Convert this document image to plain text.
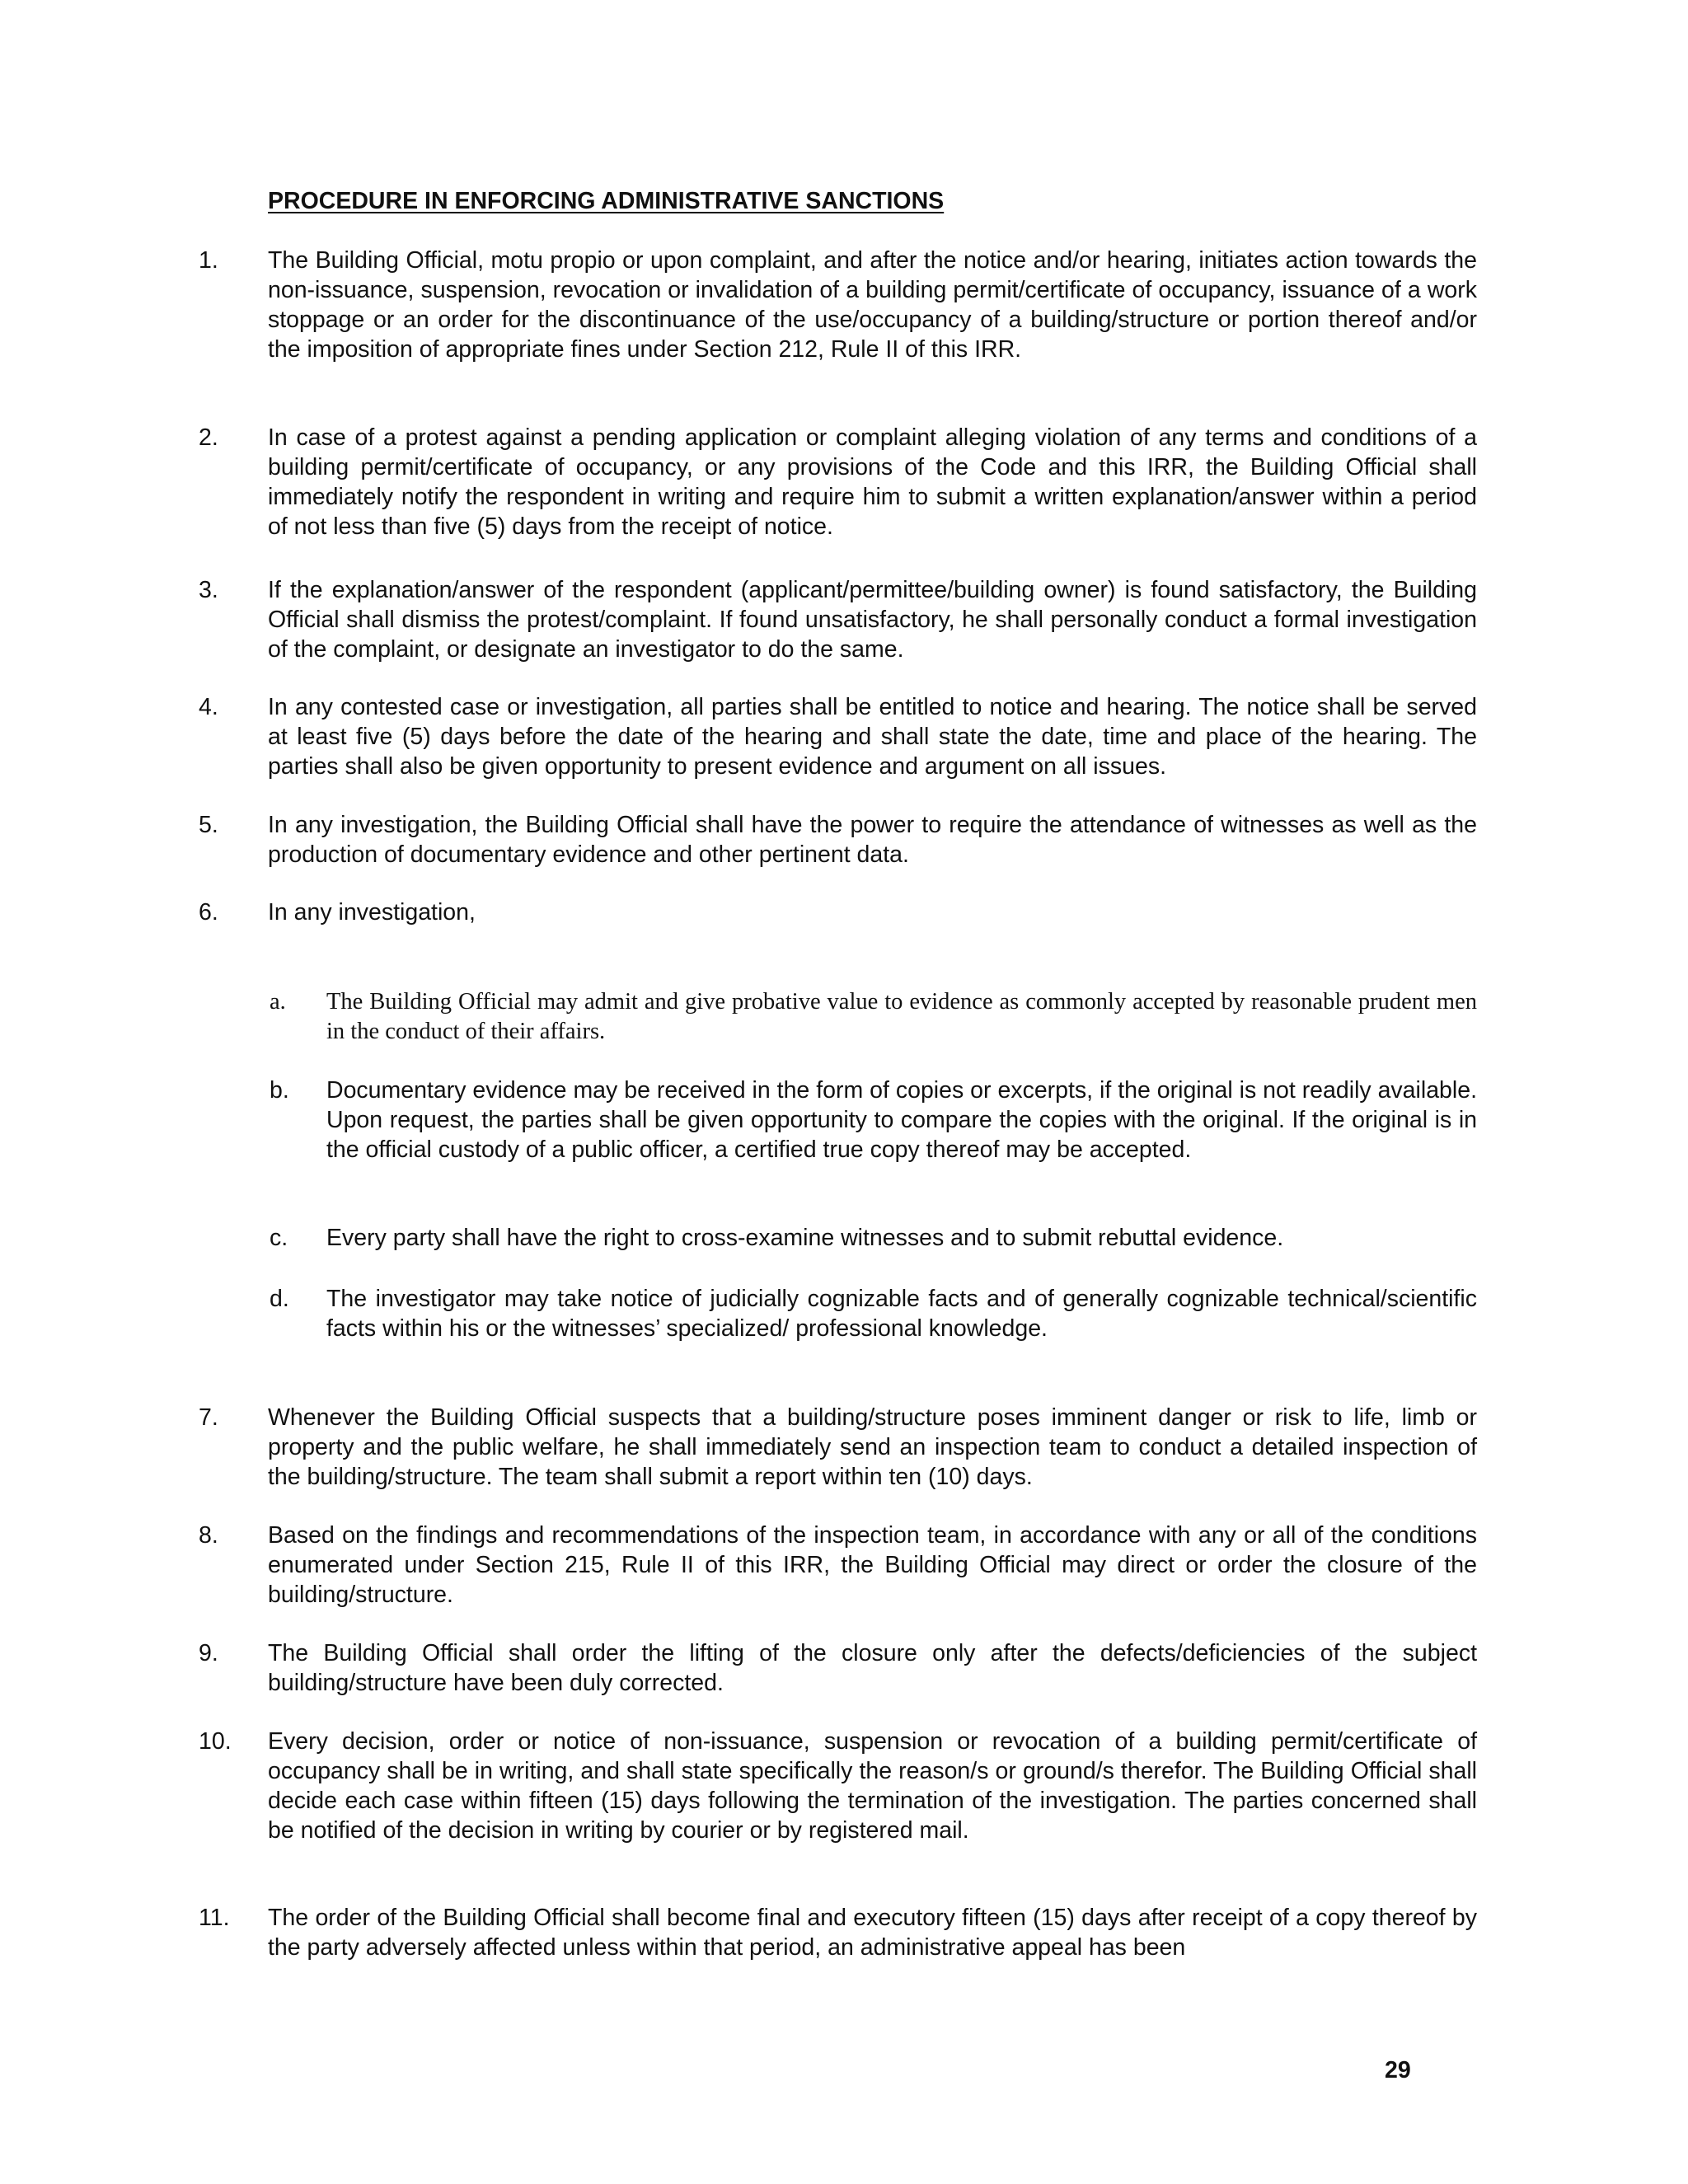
PROCEDURE IN ENFORCING ADMINISTRATIVE SANCTIONS
1. The Building Official, motu propio or upon complaint, and after the notice and/or hearing, initiates action towards the non-issuance, suspension, revocation or invalidation of a building permit/certificate of occupancy, issuance of a work stoppage or an order for the discontinuance of the use/occupancy of a building/structure or portion thereof and/or the imposition of appropriate fines under Section 212, Rule II of this IRR.

2. In case of a protest against a pending application or complaint alleging violation of any terms and conditions of a building permit/certificate of occupancy, or any provisions of the Code and this IRR, the Building Official shall immediately notify the respondent in writing and require him to submit a written explanation/answer within a period of not less than five (5) days from the receipt of notice.

3. If the explanation/answer of the respondent (applicant/permittee/building owner) is found satisfactory, the Building Official shall dismiss the protest/complaint. If found unsatisfactory, he shall personally conduct a formal investigation of the complaint, or designate an investigator to do the same.

4. In any contested case or investigation, all parties shall be entitled to notice and hearing. The notice shall be served at least five (5) days before the date of the hearing and shall state the date, time and place of the hearing. The parties shall also be given opportunity to present evidence and argument on all issues.

5. In any investigation, the Building Official shall have the power to require the attendance of witnesses as well as the production of documentary evidence and other pertinent data.

6. In any investigation,

a. The Building Official may admit and give probative value to evidence as commonly accepted by reasonable prudent men in the conduct of their affairs.

b. Documentary evidence may be received in the form of copies or excerpts, if the original is not readily available. Upon request, the parties shall be given opportunity to compare the copies with the original. If the original is in the official custody of a public officer, a certified true copy thereof may be accepted.

c. Every party shall have the right to cross-examine witnesses and to submit rebuttal evidence.

d. The investigator may take notice of judicially cognizable facts and of generally cognizable technical/scientific facts within his or the witnesses’ specialized/ professional knowledge.

7. Whenever the Building Official suspects that a building/structure poses imminent danger or risk to life, limb or property and the public welfare, he shall immediately send an inspection team to conduct a detailed inspection of the building/structure. The team shall submit a report within ten (10) days.

8. Based on the findings and recommendations of the inspection team, in accordance with any or all of the conditions enumerated under Section 215, Rule II of this IRR, the Building Official may direct or order the closure of the building/structure.

9. The Building Official shall order the lifting of the closure only after the defects/deficiencies of the subject building/structure have been duly corrected.

10. Every decision, order or notice of non-issuance, suspension or revocation of a building permit/certificate of occupancy shall be in writing, and shall state specifically the reason/s or ground/s therefor. The Building Official shall decide each case within fifteen (15) days following the termination of the investigation. The parties concerned shall be notified of the decision in writing by courier or by registered mail.

11. The order of the Building Official shall become final and executory fifteen (15) days after receipt of a copy thereof by the party adversely affected unless within that period, an administrative appeal has been

29
